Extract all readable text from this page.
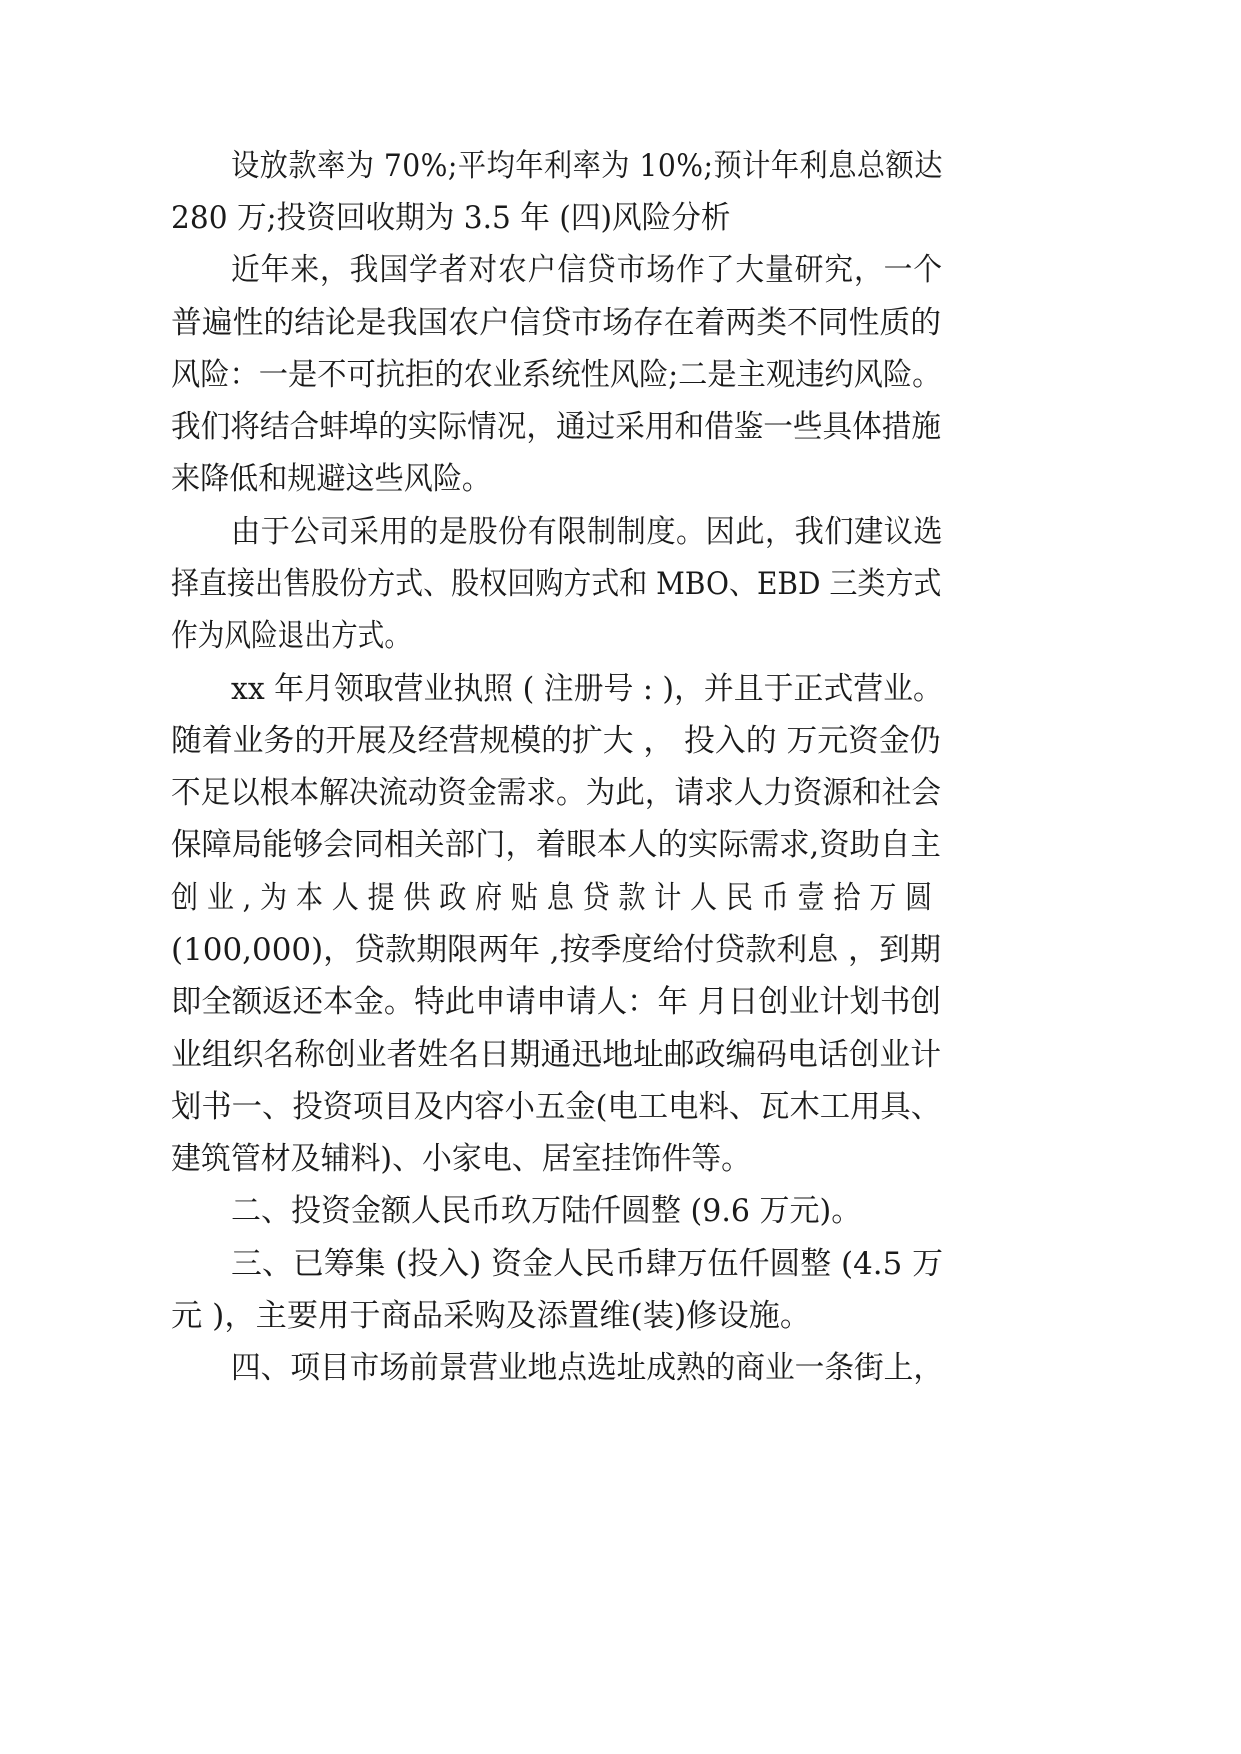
设放款率为 70%;平均年利率为 10%;预计年利息总额达
280 万;投资回收期为 3.5 年 (四)风险分析
近年来，我国学者对农户信贷市场作了大量研究，一个
普遍性的结论是我国农户信贷市场存在着两类不同性质的
风险：一是不可抗拒的农业系统性风险;二是主观违约风险。
我们将结合蚌埠的实际情况，通过采用和借鉴一些具体措施
来降低和规避这些风险。
由于公司采用的是股份有限制制度。因此，我们建议选
择直接出售股份方式、股权回购方式和 MBO、EBD 三类方式
作为风险退出方式。
xx 年月领取营业执照 ( 注册号 : )，并且于正式营业。
随着业务的开展及经营规模的扩大 ， 投入的 万元资金仍
不足以根本解决流动资金需求。为此，请求人力资源和社会
保障局能够会同相关部门，着眼本人的实际需求,资助自主
创业,为本人提供政府贴息贷款计人民币壹拾万圆
(100,000)，贷款期限两年 ,按季度给付贷款利息 ，到期
即全额返还本金。特此申请申请人：年 月日创业计划书创
业组织名称创业者姓名日期通迅地址邮政编码电话创业计
划书一、投资项目及内容小五金(电工电料、瓦木工用具、
建筑管材及辅料)、小家电、居室挂饰件等。
二、投资金额人民币玖万陆仟圆整 (9.6 万元)。
三、已筹集 (投入) 资金人民币肆万伍仟圆整 (4.5 万
元 )，主要用于商品采购及添置维(装)修设施。
四、项目市场前景营业地点选址成熟的商业一条街上，
